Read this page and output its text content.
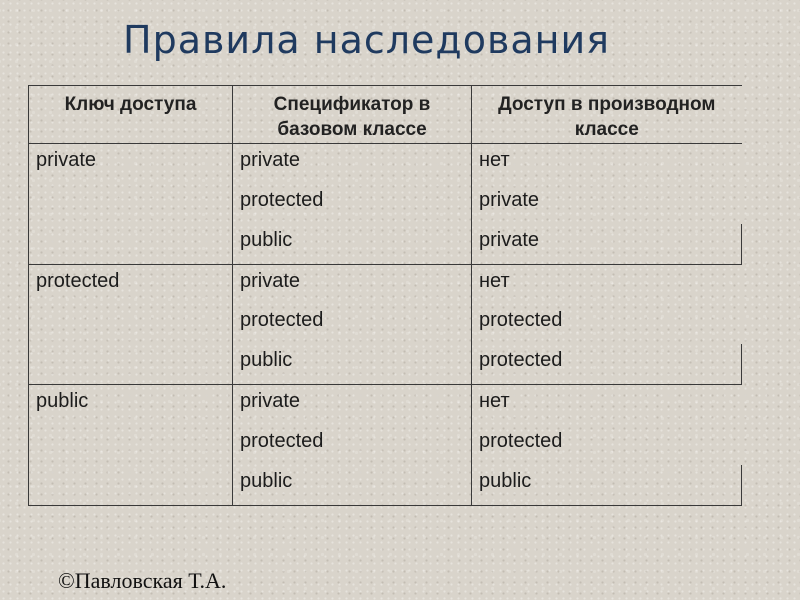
Правила наследования
Ключ доступа	Спецификатор в базовом классе	Доступ в производном классе
private	private	нет
	protected	private
	public	private
protected	private	нет
	protected	protected
	public	protected
public	private	нет
	protected	protected
	public	public
©Павловская Т.А.
